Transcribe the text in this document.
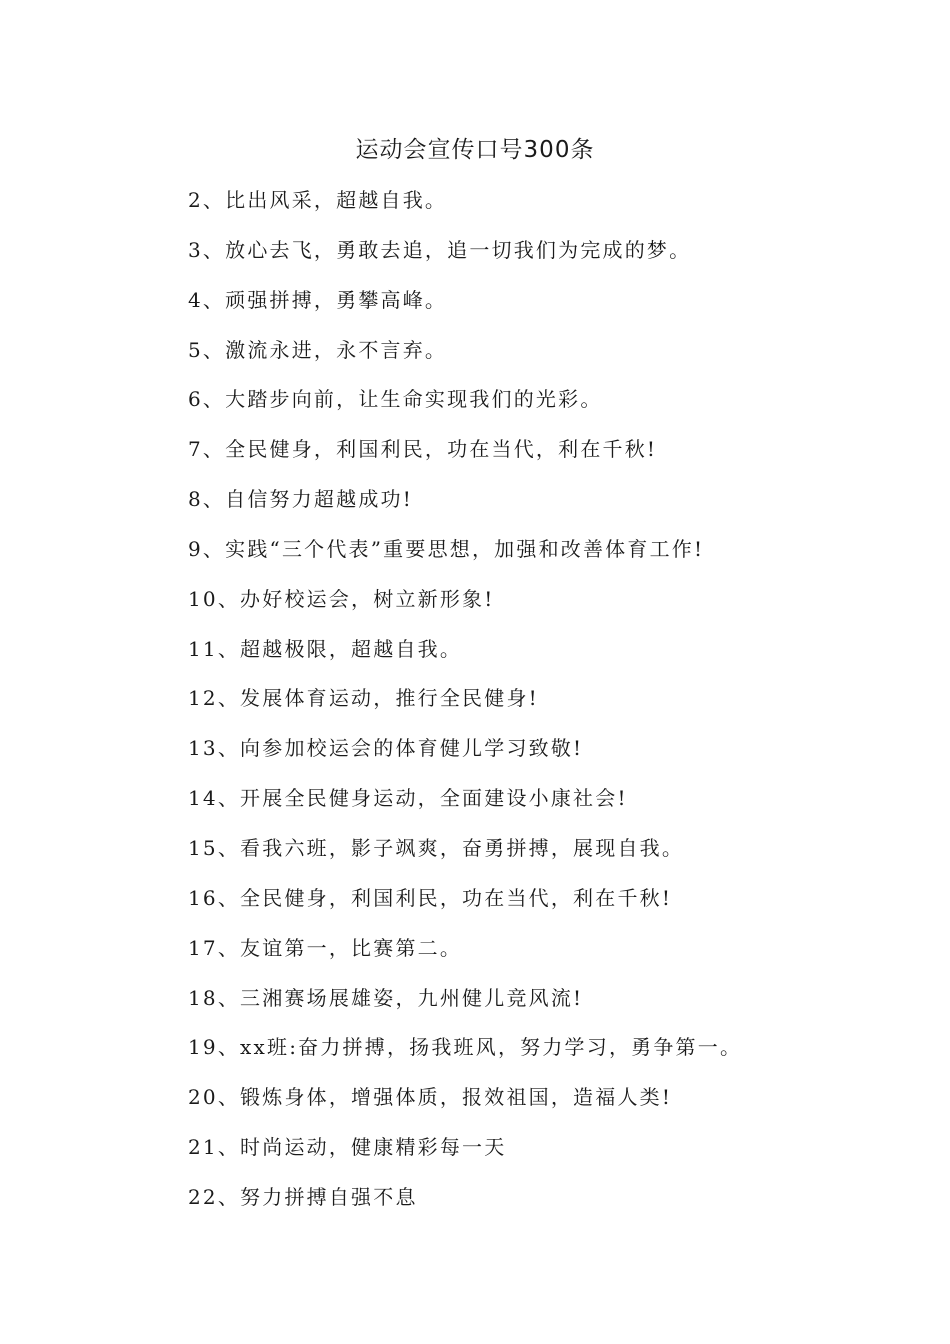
运动会宣传口号300条
2、比出风采，超越自我。
3、放心去飞，勇敢去追，追一切我们为完成的梦。
4、顽强拼搏，勇攀高峰。
5、激流永进，永不言弃。
6、大踏步向前，让生命实现我们的光彩。
7、全民健身，利国利民，功在当代，利在千秋!
8、自信努力超越成功!
9、实践“三个代表”重要思想，加强和改善体育工作!
10、办好校运会，树立新形象!
11、超越极限，超越自我。
12、发展体育运动，推行全民健身!
13、向参加校运会的体育健儿学习致敬!
14、开展全民健身运动，全面建设小康社会!
15、看我六班，影子飒爽，奋勇拼搏，展现自我。
16、全民健身，利国利民，功在当代，利在千秋!
17、友谊第一，比赛第二。
18、三湘赛场展雄姿，九州健儿竞风流!
19、xx班:奋力拼搏，扬我班风，努力学习，勇争第一。
20、锻炼身体，增强体质，报效祖国，造福人类!
21、时尚运动，健康精彩每一天
22、努力拼搏自强不息
